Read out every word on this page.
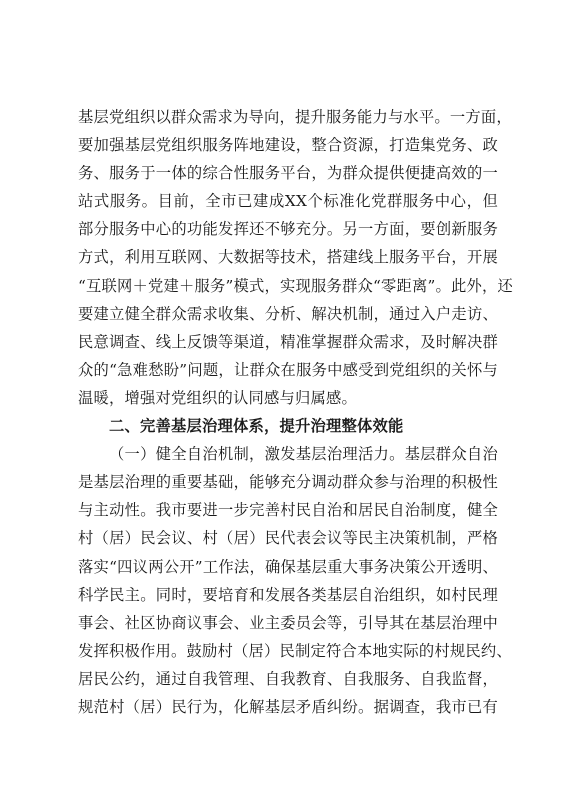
基层党组织以群众需求为导向，提升服务能力与水平。一方面，
要加强基层党组织服务阵地建设，整合资源，打造集党务、政
务、服务于一体的综合性服务平台，为群众提供便捷高效的一
站式服务。目前，全市已建成XX个标准化党群服务中心，但
部分服务中心的功能发挥还不够充分。另一方面，要创新服务
方式，利用互联网、大数据等技术，搭建线上服务平台，开展
“互联网＋党建＋服务”模式，实现服务群众“零距离”。此外，还
要建立健全群众需求收集、分析、解决机制，通过入户走访、
民意调查、线上反馈等渠道，精准掌握群众需求，及时解决群
众的“急难愁盼”问题，让群众在服务中感受到党组织的关怀与
温暖，增强对党组织的认同感与归属感。
二、完善基层治理体系，提升治理整体效能
（一）健全自治机制，激发基层治理活力。基层群众自治
是基层治理的重要基础，能够充分调动群众参与治理的积极性
与主动性。我市要进一步完善村民自治和居民自治制度，健全
村（居）民会议、村（居）民代表会议等民主决策机制，严格
落实“四议两公开”工作法，确保基层重大事务决策公开透明、
科学民主。同时，要培育和发展各类基层自治组织，如村民理
事会、社区协商议事会、业主委员会等，引导其在基层治理中
发挥积极作用。鼓励村（居）民制定符合本地实际的村规民约、
居民公约，通过自我管理、自我教育、自我服务、自我监督，
规范村（居）民行为，化解基层矛盾纠纷。据调查，我市已有
